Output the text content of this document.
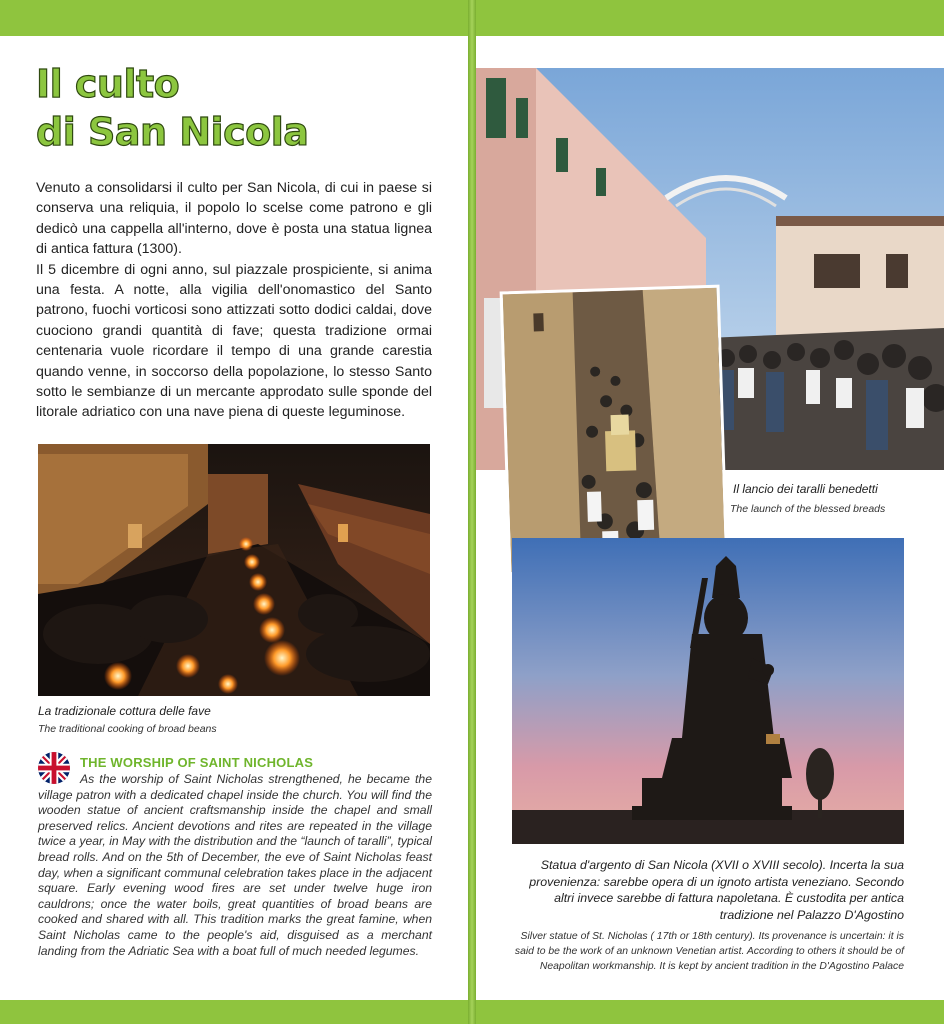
Il culto
di San Nicola

Venuto a consolidarsi il culto per San Nicola, di cui in paese si conserva una reliquia, il popolo lo scelse come patrono e gli dedicò una cappella all'interno, dove è posta una statua lignea di antica fattura (1300).

Il 5 dicembre di ogni anno, sul piazzale prospiciente, si anima una festa. A notte, alla vigilia dell'onomastico del Santo patrono, fuochi vorticosi sono attizzati sotto dodici caldai, dove cuociono grandi quantità di fave; questa tradizione ormai centenaria vuole ricordare il tempo di una grande carestia quando venne, in soccorso della popolazione, lo stesso Santo sotto le sembianze di un mercante approdato sulle sponde del litorale adriatico con una nave piena di queste leguminose.

La tradizionale cottura delle fave
The traditional cooking of broad beans
THE WORSHIP OF SAINT NICHOLAS

As the worship of Saint Nicholas strengthened, he became the village patron with a dedicated chapel inside the church. You will find the wooden statue of ancient craftsmanship inside the chapel and small preserved relics. Ancient devotions and rites are repeated in the village twice a year, in May with the distribution and the “launch of taralli”, typical bread rolls. And on the 5th of December, the eve of Saint Nicholas feast day, when a significant communal celebration takes place in the adjacent square. Early evening wood fires are set under twelve huge iron cauldrons; once the water boils, great quantities of broad beans are cooked and shared with all. This tradition marks the great famine, when Saint Nicholas came to the people's aid, disguised as a merchant landing from the Adriatic Sea with a boat full of much needed legumes.

Il lancio dei taralli benedetti
The launch of the blessed breads

Statua d'argento di San Nicola (XVII o XVIII secolo). Incerta la sua provenienza: sarebbe opera di un ignoto artista veneziano. Secondo altri invece sarebbe di fattura napoletana. È custodita per antica tradizione nel Palazzo D'Agostino

Silver statue of St. Nicholas ( 17th or 18th century). Its provenance is uncertain: it is said to be the work of an unknown Venetian artist. According to others it should be of Neapolitan workmanship. It is kept by ancient tradition in the D'Agostino Palace
